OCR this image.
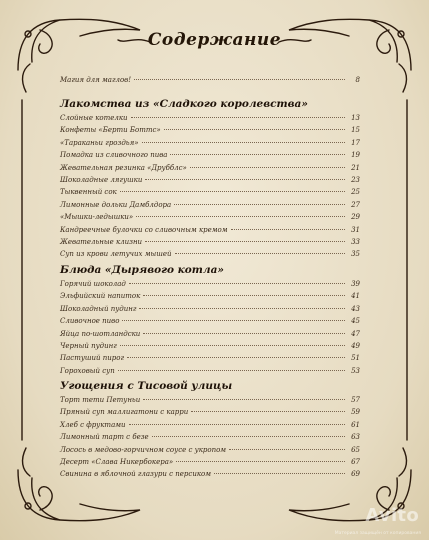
Содержание
Магия для маглов!	8
Лакомства из «Сладкого королевства»
Слойные котелки	13
Конфеты «Берти Боттс»	15
«Тараканьи гроздья»	17
Помадка из сливочного пива	19
Жевательная резинка «Друбблс»	21
Шоколадные лягушки	23
Тыквенный сок	25
Лимонные дольки Дамблдора	27
«Мышки-ледышки»	29
Кандреечные булочки со сливочным кремом	31
Жевательные клизни	33
Суп из крови летучих мышей	35
Блюда «Дырявого котла»
Горячий шоколад	39
Эльфийский напиток	41
Шоколадный пудинг	43
Сливочное пиво	45
Яйца по-шотландски	47
Черный пудинг	49
Пастуший пирог	51
Гороховый суп	53
Угощения с Тисовой улицы
Торт тети Петуньи	57
Пряный суп маллигатони с карри	59
Хлеб с фруктами	61
Лимонный тарт с безе	63
Лосось в медово-горчичном соусе с укропом	65
Десерт «Слава Никербокера»	67
Свинина в яблочной глазури с персиком	69
Avito
Материал защищён от копирования
